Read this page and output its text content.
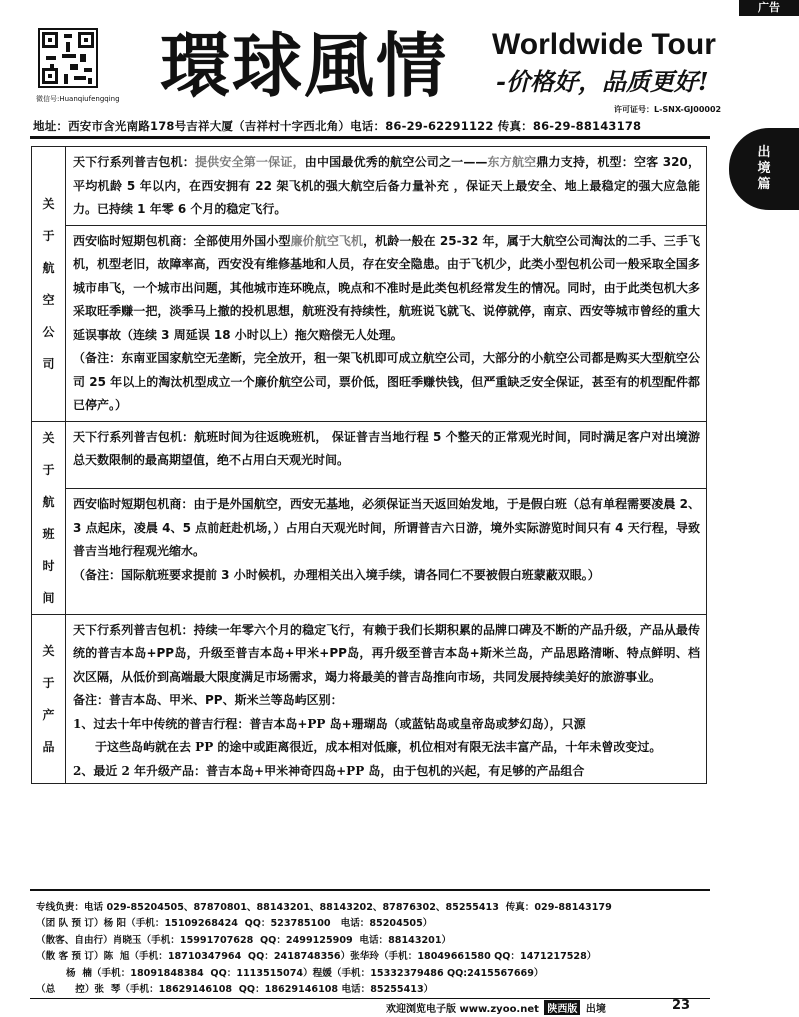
广告
微信号:Huanqiufengqing 環球風情 Worldwide Tour
-价格好，品质更好!
许可证号：L-SNX-GJ00002
地址：西安市含光南路178号吉祥大厦（吉祥村十字西北角）电话：86-29-62291122 传真：86-29-88143178
出境篇
关于航空公司	天下行系列普吉包机：提供安全第一保证，由中国最优秀的航空公司之一——东方航空鼎力支持，机型：空客 320，平均机龄 5 年以内，在西安拥有 22 架飞机的强大航空后备力量补充 ，保证天上最安全、地上最稳定的强大应急能力。已持续 1 年零 6 个月的稳定飞行。

	西安临时短期包机商：全部使用外国小型廉价航空飞机，机龄一般在 25-32 年，属于大航空公司淘汰的二手、三手飞机，机型老旧，故障率高，西安没有维修基地和人员，存在安全隐患。由于飞机少，此类小型包机公司一般采取全国多城市串飞，一个城市出问题，其他城市连环晚点，晚点和不准时是此类包机经常发生的情况。同时，由于此类包机大多采取旺季赚一把，淡季马上撤的投机思想，航班没有持续性，航班说飞就飞、说停就停，南京、西安等城市曾经的重大延误事故（连续 3 周延误 18 小时以上）拖欠赔偿无人处理。

（备注：东南亚国家航空无垄断，完全放开，租一架飞机即可成立航空公司，大部分的小航空公司都是购买大型航空公司 25 年以上的淘汰机型成立一个廉价航空公司，票价低，图旺季赚快钱，但严重缺乏安全保证，甚至有的机型配件都已停产。）

关于航班时间	天下行系列普吉包机：航班时间为往返晚班机， 保证普吉当地行程 5 个整天的正常观光时间，同时满足客户对出境游总天数限制的最高期望值，绝不占用白天观光时间。

	西安临时短期包机商：由于是外国航空，西安无基地，必须保证当天返回始发地，于是假白班（总有单程需要凌晨 2、3 点起床，凌晨 4、5 点前赶赴机场，）占用白天观光时间，所谓普吉六日游，境外实际游览时间只有 4 天行程，导致普吉当地行程观光缩水。

（备注：国际航班要求提前 3 小时候机，办理相关出入境手续，请各同仁不要被假白班蒙蔽双眼。）

关于产品	天下行系列普吉包机：持续一年零六个月的稳定飞行，有赖于我们长期积累的品牌口碑及不断的产品升级，产品从最传统的普吉本岛+PP岛，升级至普吉本岛+甲米+PP岛，再升级至普吉本岛+斯米兰岛，产品思路清晰、特点鲜明、档次区隔，从低价到高端最大限度满足市场需求，竭力将最美的普吉岛推向市场，共同发展持续美好的旅游事业。

备注：普吉本岛、甲米、PP、斯米兰等岛屿区别：

1、过去十年中传统的普吉行程：普吉本岛+PP 岛+珊瑚岛（或蓝钻岛或皇帝岛或梦幻岛），只源

于这些岛屿就在去 PP 的途中或距离很近，成本相对低廉，机位相对有限无法丰富产品，十年未曾改变过。

2、最近 2 年升级产品：普吉本岛+甲米神奇四岛+PP 岛，由于包机的兴起，有足够的产品组合

专线负责：电话 029-85204505、87870801、88143201、88143202、87876302、85255413  传真：029-88143179
（团 队 预 订）杨 阳（手机：15109268424  QQ：523785100   电话：85204505）
（散客、自由行）肖晓玉（手机：15991707628  QQ：2499125909  电话：88143201）
（散 客 预 订）陈  旭（手机：18710347964  QQ：2418748356）张华玲（手机：18049661580 QQ：1471217528）
杨  楠（手机：18091848384  QQ：1113515074）程媛（手机：15332379486 QQ:2415567669）
（总      控）张  琴（手机：18629146108  QQ：18629146108 电话：85255413）
欢迎浏览电子版 www.zyoo.net 陕西版 出境	23
